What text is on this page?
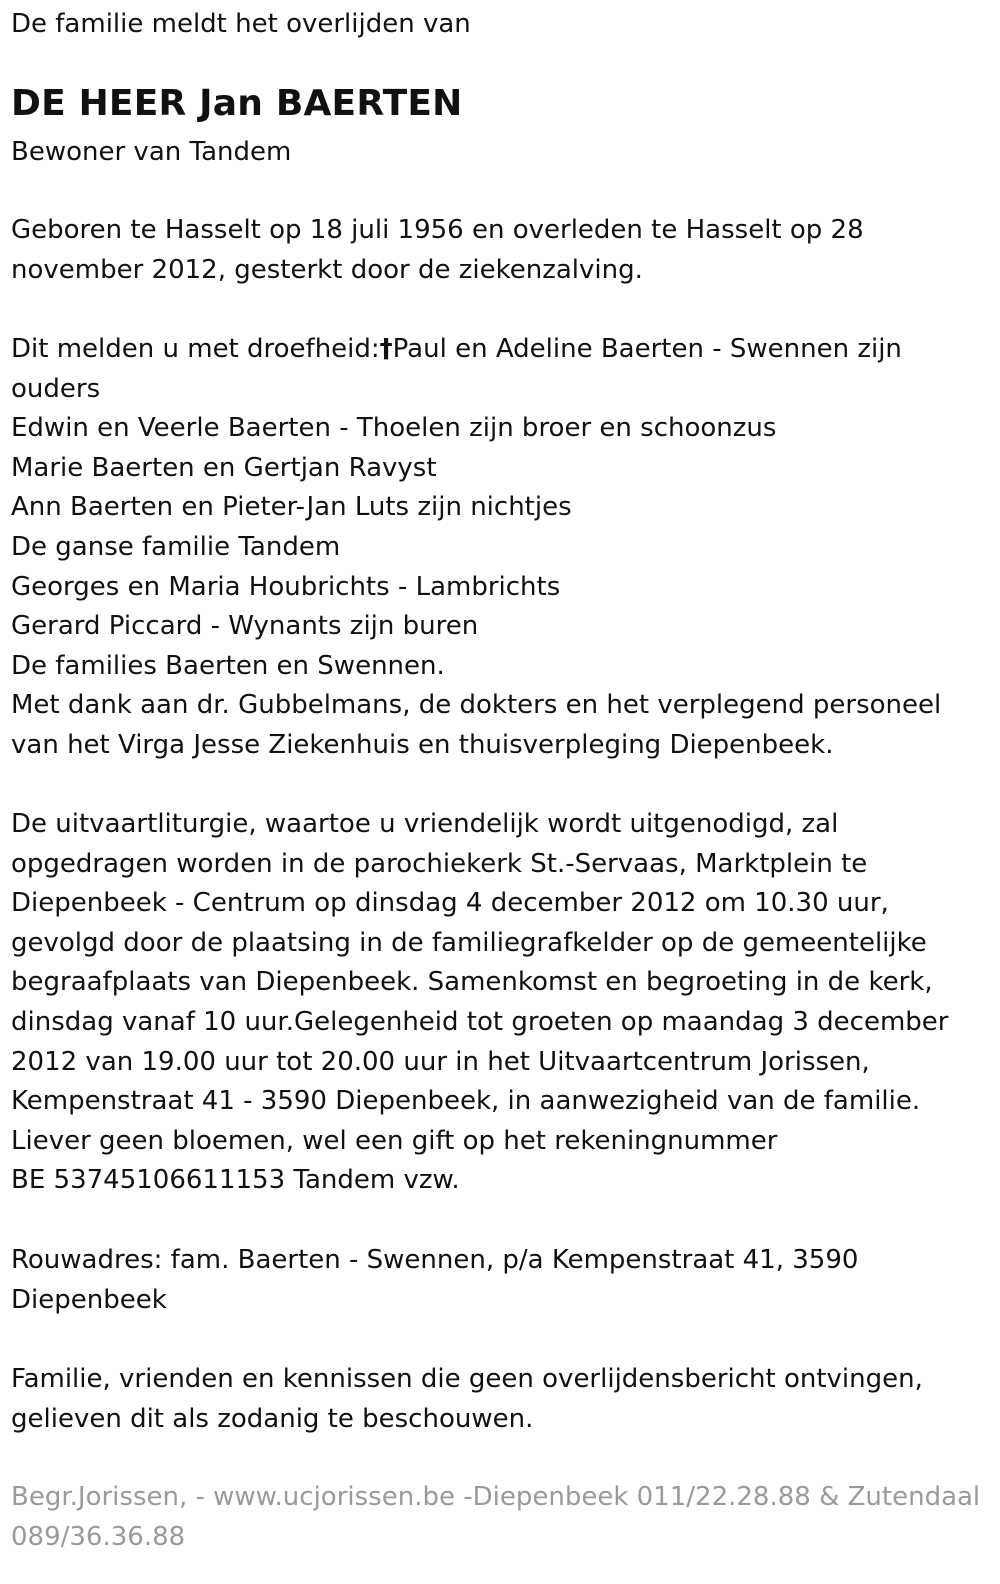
De familie meldt het overlijden van
DE HEER Jan BAERTEN
Bewoner van Tandem

Geboren te Hasselt op 18 juli 1956 en overleden te Hasselt op 28

november 2012, gesterkt door de ziekenzalving.

Dit melden u met droefheid:†Paul en Adeline Baerten - Swennen zijn

ouders

Edwin en Veerle Baerten - Thoelen zijn broer en schoonzus

Marie Baerten en Gertjan Ravyst

Ann Baerten en Pieter-Jan Luts zijn nichtjes

De ganse familie Tandem

Georges en Maria Houbrichts - Lambrichts

Gerard Piccard - Wynants zijn buren

De families Baerten en Swennen.

Met dank aan dr. Gubbelmans, de dokters en het verplegend personeel

van het Virga Jesse Ziekenhuis en thuisverpleging Diepenbeek.

De uitvaartliturgie, waartoe u vriendelijk wordt uitgenodigd, zal

opgedragen worden in de parochiekerk St.-Servaas, Marktplein te

Diepenbeek - Centrum op dinsdag 4 december 2012 om 10.30 uur,

gevolgd door de plaatsing in de familiegrafkelder op de gemeentelijke

begraafplaats van Diepenbeek. Samenkomst en begroeting in de kerk,

dinsdag vanaf 10 uur.Gelegenheid tot groeten op maandag 3 december

2012 van 19.00 uur tot 20.00 uur in het Uitvaartcentrum Jorissen,

Kempenstraat 41 - 3590 Diepenbeek, in aanwezigheid van de familie.

Liever geen bloemen, wel een gift op het rekeningnummer

BE 53745106611153 Tandem vzw.

Rouwadres: fam. Baerten - Swennen, p/a Kempenstraat 41, 3590

Diepenbeek

Familie, vrienden en kennissen die geen overlijdensbericht ontvingen,

gelieven dit als zodanig te beschouwen.

Begr.Jorissen, - www.ucjorissen.be -Diepenbeek 011/22.28.88 & Zutendaal

089/36.36.88
